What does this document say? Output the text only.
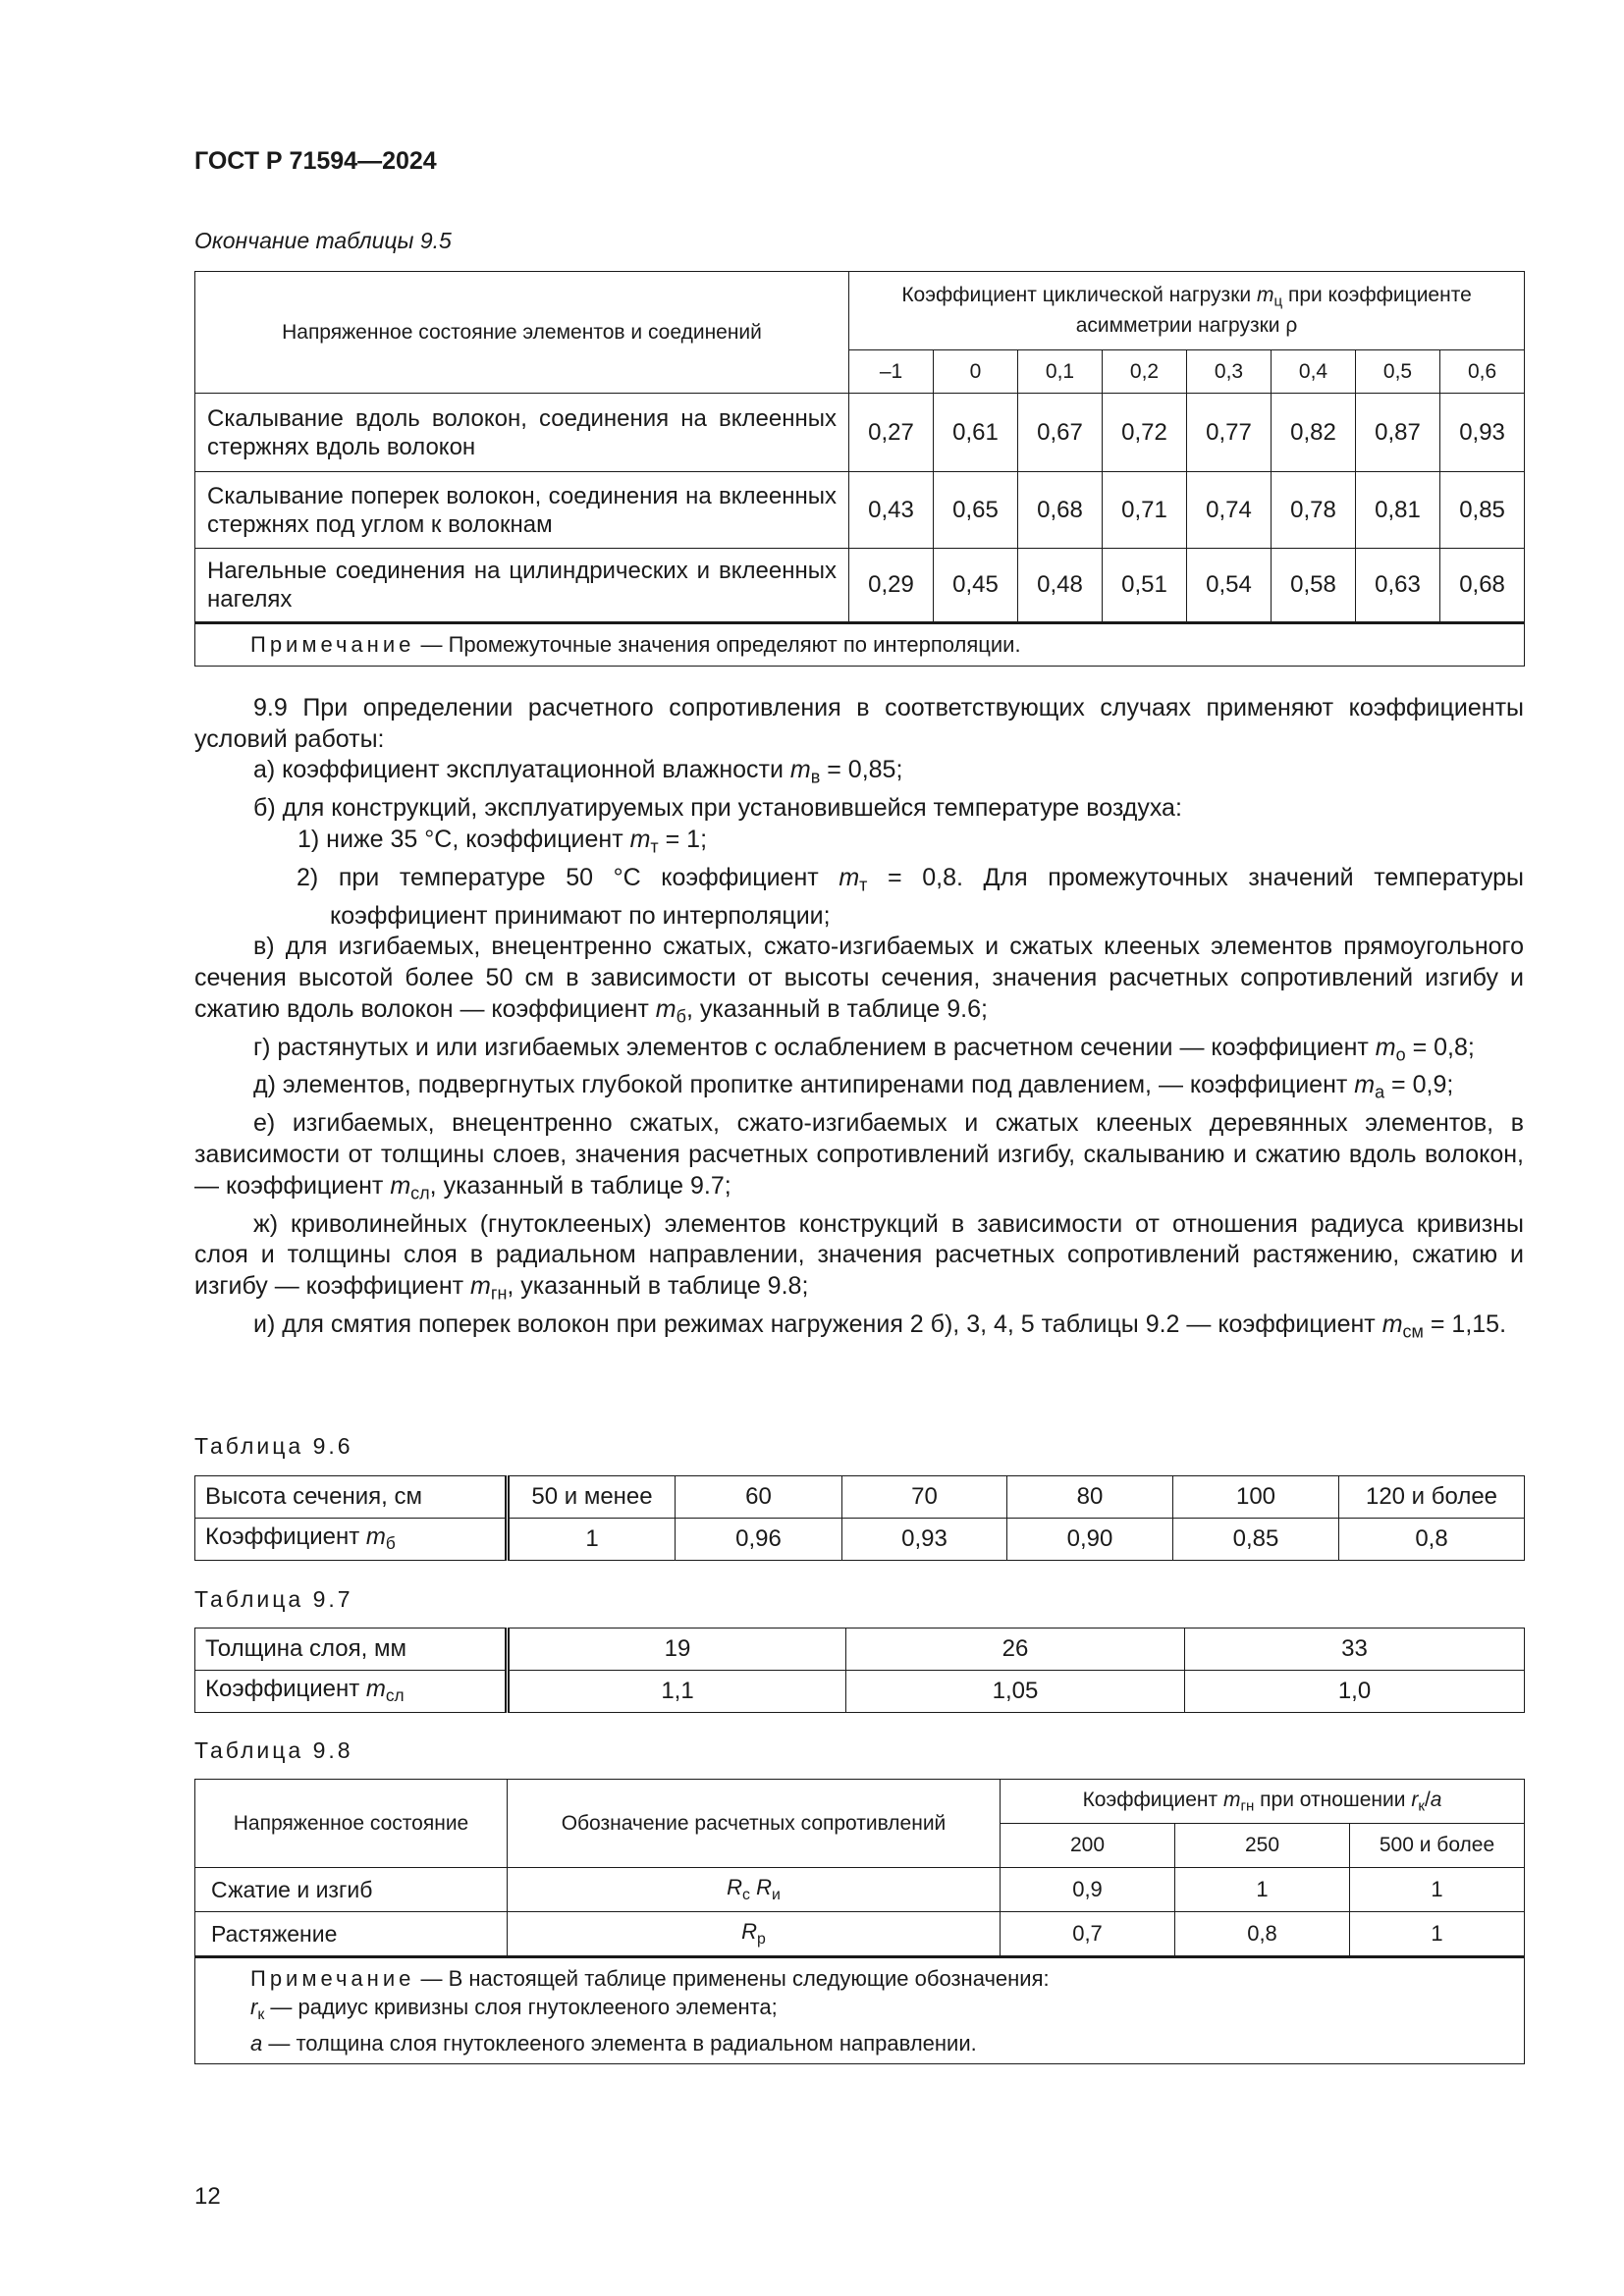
ГОСТ Р 71594—2024
Окончание таблицы 9.5
Напряженное состояние элементов и соединений	Коэффициент циклической нагрузки $m_ц$ при коэффициенте асимметрии нагрузки ρ							
	–1	0	0,1	0,2	0,3	0,4	0,5	0,6
Скалывание вдоль волокон, соединения на вклеенных стержнях вдоль волокон	0,27	0,61	0,67	0,72	0,77	0,82	0,87	0,93
Скалывание поперек волокон, соединения на вклеенных стержнях под углом к волокнам	0,43	0,65	0,68	0,71	0,74	0,78	0,81	0,85
Нагельные соединения на цилиндрических и вклеенных нагелях	0,29	0,45	0,48	0,51	0,54	0,58	0,63	0,68
Примечание — Промежуточные значения определяют по интерполяции.								

9.9 При определении расчетного сопротивления в соответствующих случаях применяют коэффициенты условий работы:

а) коэффициент эксплуатационной влажности $m_в = 0,85$;

б) для конструкций, эксплуатируемых при установившейся температуре воздуха:

1) ниже 35 °С, коэффициент $m_т = 1$;

2) при температуре 50 °С коэффициент $m_т = 0,8$. Для промежуточных значений температуры коэффициент принимают по интерполяции;

в) для изгибаемых, внецентренно сжатых, сжато-изгибаемых и сжатых клееных элементов прямоугольного сечения высотой более 50 см в зависимости от высоты сечения, значения расчетных сопротивлений изгибу и сжатию вдоль волокон — коэффициент $m_б$, указанный в таблице 9.6;

г) растянутых и или изгибаемых элементов с ослаблением в расчетном сечении — коэффициент $m_о = 0,8$;

д) элементов, подвергнутых глубокой пропитке антипиренами под давлением, — коэффициент $m_а = 0,9$;

е) изгибаемых, внецентренно сжатых, сжато-изгибаемых и сжатых клееных деревянных элементов, в зависимости от толщины слоев, значения расчетных сопротивлений изгибу, скалыванию и сжатию вдоль волокон, — коэффициент $m_{сл}$, указанный в таблице 9.7;

ж) криволинейных (гнутоклееных) элементов конструкций в зависимости от отношения радиуса кривизны слоя и толщины слоя в радиальном направлении, значения расчетных сопротивлений растяжению, сжатию и изгибу — коэффициент $m_{гн}$, указанный в таблице 9.8;

и) для смятия поперек волокон при режимах нагружения 2 б), 3, 4, 5 таблицы 9.2 — коэффициент $m_{см} = 1,15$.

Таблица 9.6
Высота сечения, см	50 и менее	60	70	80	100	120 и более
Коэффициент $m_б$	1	0,96	0,93	0,90	0,85	0,8
Таблица 9.7
Толщина слоя, мм	19	26	33
Коэффициент $m_{сл}$	1,1	1,05	1,0
Таблица 9.8
Напряженное состояние	Обозначение расчетных сопротивлений	Коэффициент $m_{гн}$ при отношении $r_к/a$		
		200	250	500 и более
Сжатие и изгиб	$R_с$ $R_и$	0,9	1	1
Растяжение	$R_р$	0,7	0,8	1

Примечание — В настоящей таблице применены следующие обозначения:
$r_к$ — радиус кривизны слоя гнутоклееного элемента;
a — толщина слоя гнутоклееного элемента в радиальном направлении.				
12
